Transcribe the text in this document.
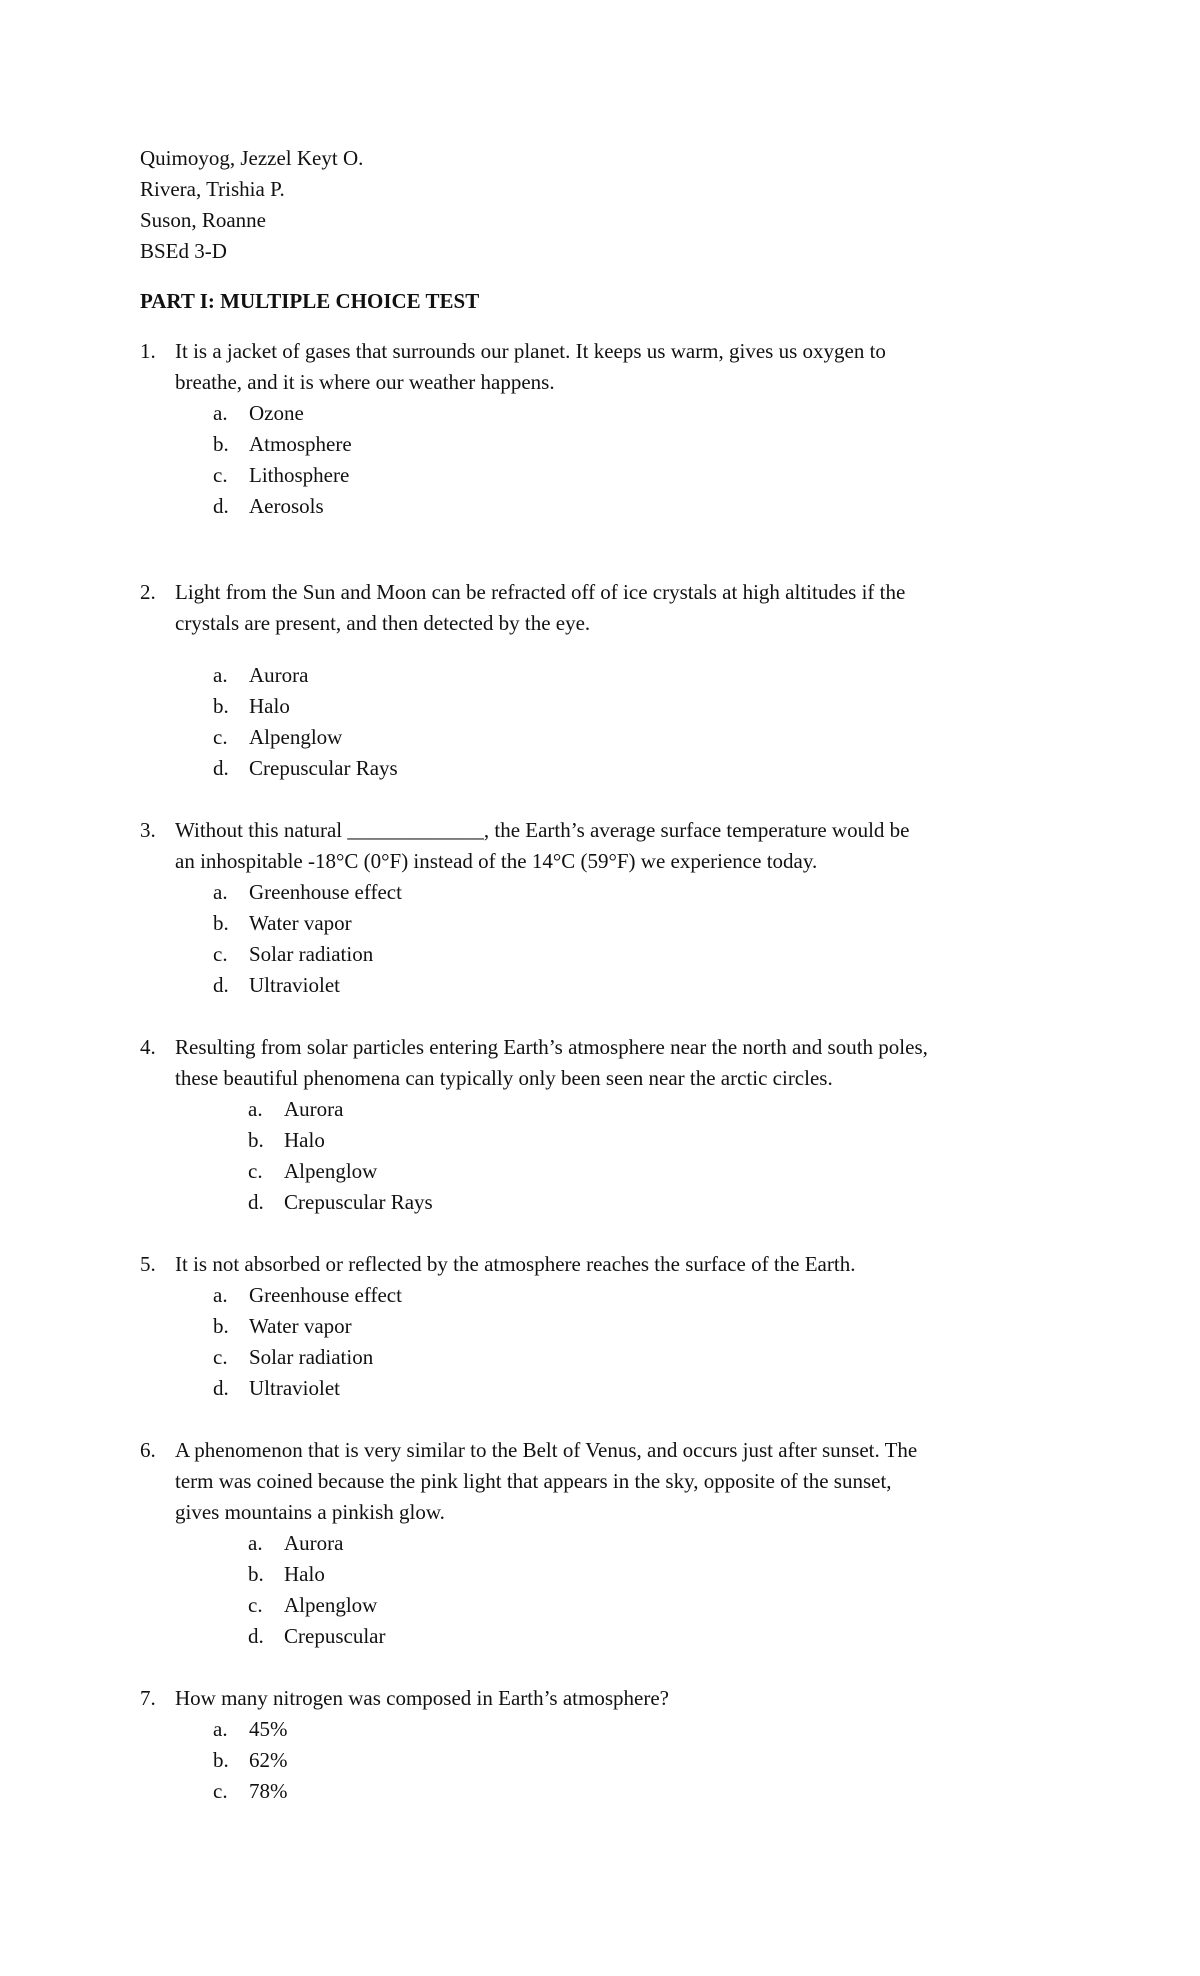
Quimoyog, Jezzel Keyt O.
Rivera, Trishia P.
Suson, Roanne
BSEd 3-D
PART I: MULTIPLE CHOICE TEST
1. It is a jacket of gases that surrounds our planet. It keeps us warm, gives us oxygen to
breathe, and it is where our weather happens.
a. Ozone
b. Atmosphere
c. Lithosphere
d. Aerosols
2. Light from the Sun and Moon can be refracted off of ice crystals at high altitudes if the
crystals are present, and then detected by the eye.
a. Aurora
b. Halo
c. Alpenglow
d. Crepuscular Rays
3. Without this natural _____________, the Earth’s average surface temperature would be
an inhospitable -18°C (0°F) instead of the 14°C (59°F) we experience today.
a. Greenhouse effect
b. Water vapor
c. Solar radiation
d. Ultraviolet
4. Resulting from solar particles entering Earth’s atmosphere near the north and south poles,
these beautiful phenomena can typically only been seen near the arctic circles.
a. Aurora
b. Halo
c. Alpenglow
d. Crepuscular Rays
5. It is not absorbed or reflected by the atmosphere reaches the surface of the Earth.
a. Greenhouse effect
b. Water vapor
c. Solar radiation
d. Ultraviolet
6. A phenomenon that is very similar to the Belt of Venus, and occurs just after sunset. The
term was coined because the pink light that appears in the sky, opposite of the sunset,
gives mountains a pinkish glow.
a. Aurora
b. Halo
c. Alpenglow
d. Crepuscular
7. How many nitrogen was composed in Earth’s atmosphere?
a. 45%
b. 62%
c. 78%
